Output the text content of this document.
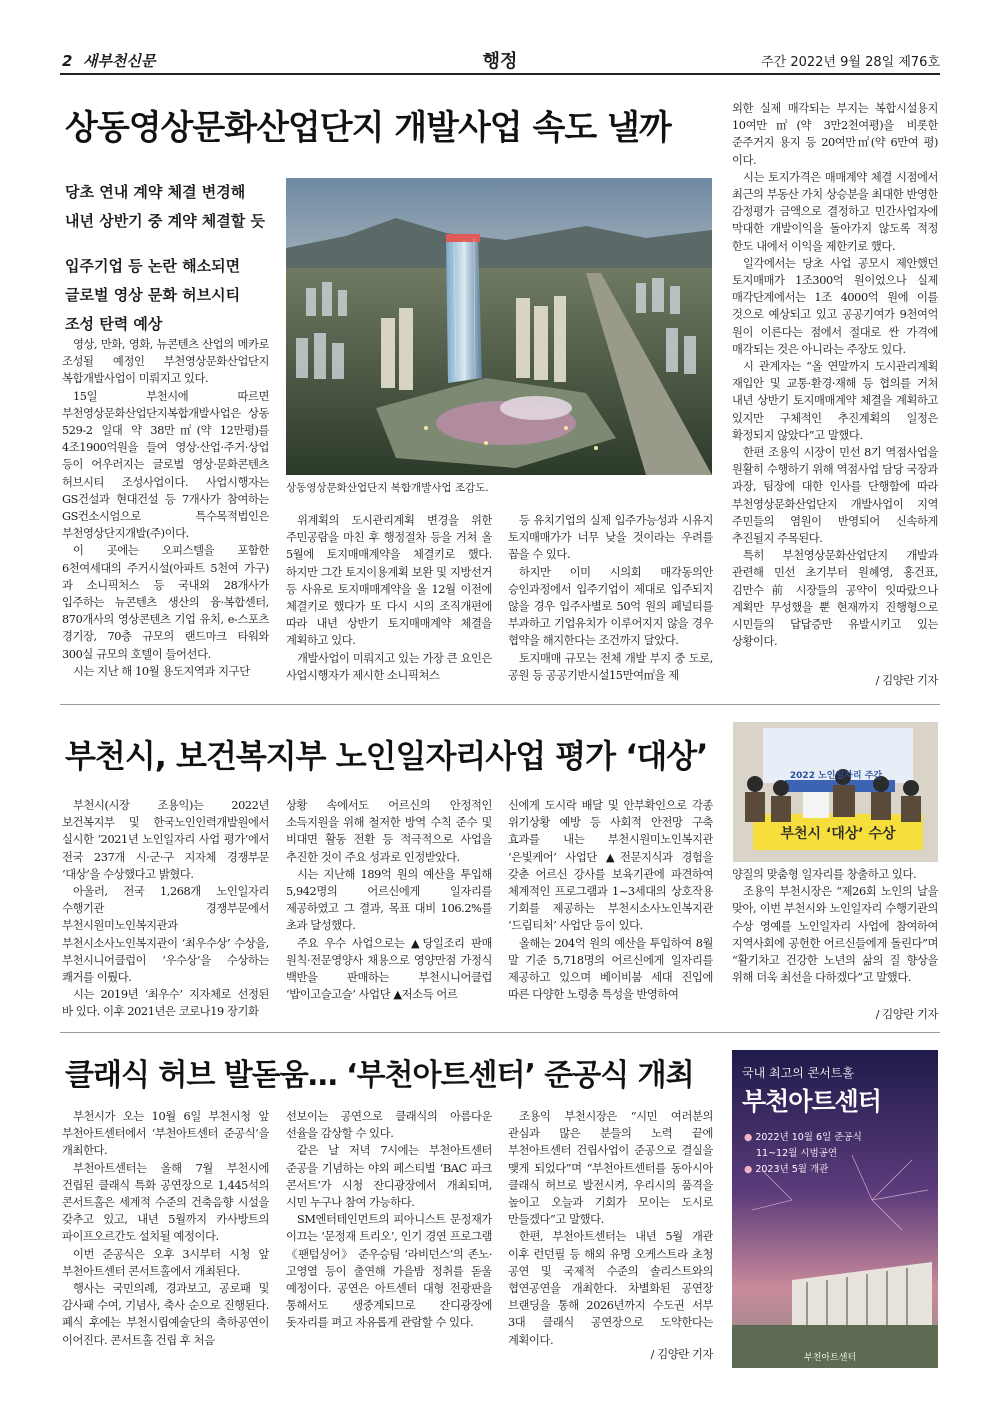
2 새부천신문	행정	주간 2022년 9월 28일 제76호
상동영상문화산업단지 개발사업 속도 낼까
당초 연내 계약 체결 변경해
내년 상반기 중 계약 체결할 듯
입주기업 등 논란 해소되면
글로벌 영상 문화 허브시티
조성 탄력 예상
상동영상문화산업단지 복합개발사업 조감도.

영상, 만화, 영화, 뉴콘텐츠 산업의 메카로 조성될 예정인 부천영상문화산업단지 복합개발사업이 미뤄지고 있다.

15일 부천시에 따르면 부천영상문화산업단지복합개발사업은 상동 529-2 일대 약 38만㎡(약 12만평)를 4조1900억원을 들여 영상·산업·주거·상업 등이 어우러지는 글로벌 영상·문화콘텐츠 허브시티 조성사업이다. 사업시행자는 GS건설과 현대건설 등 7개사가 참여하는 GS컨소시엄으로 특수목적법인은 부천영상단지개발(주)이다.

이 곳에는 오피스텔을 포함한 6천여세대의 주거시설(아파트 5천여 가구)과 소니픽처스 등 국내외 28개사가 입주하는 뉴콘텐츠 생산의 융·복합센터, 870개사의 영상콘텐츠 기업 유치, e-스포츠 경기장, 70층 규모의 랜드마크 타워와 300실 규모의 호텔이 들어선다.

시는 지난 해 10월 용도지역과 지구단

위계획의 도시관리계획 변경을 위한 주민공람을 마친 후 행정절차 등을 거쳐 올 5월에 토지매매계약을 체결키로 했다. 하지만 그간 토지이용계획 보완 및 지방선거 등 사유로 토지매매계약을 올 12월 이전에 체결키로 했다가 또 다시 시의 조직개편에 따라 내년 상반기 토지매매계약 체결을 계획하고 있다.

개발사업이 미뤄지고 있는 가장 큰 요인은 사업시행자가 제시한 소니픽쳐스

등 유치기업의 실제 입주가능성과 시유지 토지매매가가 너무 낮을 것이라는 우려를 꼽을 수 있다.

하지만 이미 시의회 매각동의안 승인과정에서 입주기업이 제대로 입주되지 않을 경우 입주사별로 50억 원의 페널티를 부과하고 기업유치가 이루어지지 않을 경우 협약을 해지한다는 조건까지 달았다.

토지매매 규모는 전체 개발 부지 중 도로, 공원 등 공공기반시설15만여㎡을 제

외한 실제 매각되는 부지는 복합시설용지 10여만㎡(약 3만2천여평)을 비롯한 준주거지 용지 등 20여만㎡(약 6만여 평)이다.

시는 토지가격은 매매계약 체결 시점에서 최근의 부동산 가치 상승분을 최대한 반영한 감정평가 금액으로 결정하고 민간사업자에 막대한 개발이익을 돌아가지 않도록 적정 한도 내에서 이익을 제한키로 했다.

일각에서는 당초 사업 공모시 제안했던 토지매매가 1조300억 원이었으나 실제 매각단계에서는 1조 4000억 원에 이를 것으로 예상되고 있고 공공기여가 9천여억 원이 이른다는 점에서 절대로 싼 가격에 매각되는 것은 아니라는 주장도 있다.

시 관계자는 “올 연말까지 도시관리계획 재입안 및 교통·환경·재해 등 협의를 거쳐 내년 상반기 토지매매계약 체결을 계획하고 있지만 구체적인 추진계획의 일정은 확정되지 않았다”고 말했다.

한편 조용익 시장이 민선 8기 역점사업을 원활히 수행하기 위해 역점사업 담당 국장과 과장, 팀장에 대한 인사를 단행함에 따라 부천영상문화산업단지 개발사업이 지역 주민들의 염원이 반영되어 신속하게 추진될지 주목된다.

특히 부천영상문화산업단지 개발과 관련해 민선 초기부터 원혜영, 홍건표, 김만수 前 시장들의 공약이 잇따랐으나 계획만 무성했을 뿐 현재까지 진행형으로 시민들의 답답증만 유발시키고 있는 상황이다.

/ 김양란 기자
부천시, 보건복지부 노인일자리사업 평가 ‘대상’
2022 노인일자리 주간
부천시 ‘대상’ 수상

부천시(시장 조용익)는 2022년 보건복지부 및 한국노인인력개발원에서 실시한 ‘2021년 노인일자리 사업 평가’에서 전국 237개 시·군·구 지자체 경쟁부문 ‘대상’을 수상했다고 밝혔다.

아울러, 전국 1,268개 노인일자리 수행기관 경쟁부문에서 부천시원미노인복지관과 부천시소사노인복지관이 ‘최우수상’ 수상을, 부천시니어클럽이 ‘우수상’을 수상하는 쾌거를 이뤘다.

시는 2019년 ‘최우수’ 지자체로 선정된 바 있다. 이후 2021년은 코로나19 장기화

상황 속에서도 어르신의 안정적인 소득지원을 위해 철저한 방역 수칙 준수 및 비대면 활동 전환 등 적극적으로 사업을 추진한 것이 주요 성과로 인정받았다.

시는 지난해 189억 원의 예산을 투입해 5,942명의 어르신에게 일자리를 제공하였고 그 결과, 목표 대비 106.2%를 초과 달성했다.

주요 우수 사업으로는 ▲당일조리 판매 원칙·전문영양사 채용으로 영양만점 가정식 백반을 판매하는 부천시니어클럽 ‘밥이고슬고슬’ 사업단 ▲저소득 어르

신에게 도시락 배달 및 안부확인으로 각종 위기상황 예방 등 사회적 안전망 구축 효과를 내는 부천시원미노인복지관 ‘은빛케어’ 사업단 ▲전문지식과 경험을 갖춘 어르신 강사를 보육기관에 파견하여 체계적인 프로그램과 1~3세대의 상호작용 기회를 제공하는 부천시소사노인복지관 ‘드림티처’ 사업단 등이 있다.

올해는 204억 원의 예산을 투입하여 8월 말 기준 5,718명의 어르신에게 일자리를 제공하고 있으며 베이비붐 세대 진입에 따른 다양한 노령층 특성을 반영하여

양질의 맞춤형 일자리를 창출하고 있다.

조용익 부천시장은 “제26회 노인의 날을 맞아, 이번 부천시와 노인일자리 수행기관의 수상 영예를 노인일자리 사업에 참여하여 지역사회에 공헌한 어르신들에게 돌린다”며 “활기차고 건강한 노년의 삶의 질 향상을 위해 더욱 최선을 다하겠다”고 말했다.

/ 김양란 기자
클래식 허브 발돋움… ‘부천아트센터’ 준공식 개최

부천시가 오는 10월 6일 부천시청 앞 부천아트센터에서 ‘부천아트센터 준공식’을 개최한다.

부천아트센터는 올해 7월 부천시에 건립된 클래식 특화 공연장으로 1,445석의 콘서트홀은 세계적 수준의 건축음향 시설을 갖추고 있고, 내년 5월까지 카사방트의 파이프오르간도 설치될 예정이다.

이번 준공식은 오후 3시부터 시청 앞 부천아트센터 콘서트홀에서 개최된다.

행사는 국민의례, 경과보고, 공로패 및 감사패 수여, 기념사, 축사 순으로 진행된다. 폐식 후에는 부천시립예술단의 축하공연이 이어진다. 콘서트홀 건립 후 처음

선보이는 공연으로 클래식의 아름다운 선율을 감상할 수 있다.

같은 날 저녁 7시에는 부천아트센터 준공을 기념하는 야외 페스티벌 ‘BAC 파크 콘서트’가 시청 잔디광장에서 개최되며, 시민 누구나 참여 가능하다.

SM엔터테인먼트의 피아니스트 문정재가 이끄는 ‘문정재 트리오’, 인기 경연 프로그램 《팬텀싱어》 준우승팀 ‘라비던스’의 존노·고영열 등이 출연해 가을밤 정취를 돋울 예정이다. 공연은 아트센터 대형 전광판을 통해서도 생중계되므로 잔디광장에 돗자리를 펴고 자유롭게 관람할 수 있다.

조용익 부천시장은 “시민 여러분의 관심과 많은 분들의 노력 끝에 부천아트센터 건립사업이 준공으로 결실을 맺게 되었다”며 “부천아트센터를 동아시아 클래식 허브로 발전시켜, 우리시의 품격을 높이고 오늘과 기회가 모이는 도시로 만들겠다”고 말했다.

한편, 부천아트센터는 내년 5월 개관 이후 런던필 등 해외 유명 오케스트라 초청 공연 및 국제적 수준의 솔리스트와의 협연공연을 개최한다. 차별화된 공연장 브랜딩을 통해 2026년까지 수도권 서부 3대 클래식 공연장으로 도약한다는 계획이다.

/ 김양란 기자
국내 최고의 콘서트홀
부천아트센터
● 2022년 10월 6일 준공식
11~12월 시범공연
● 2023년 5월 개관
부천아트센터
